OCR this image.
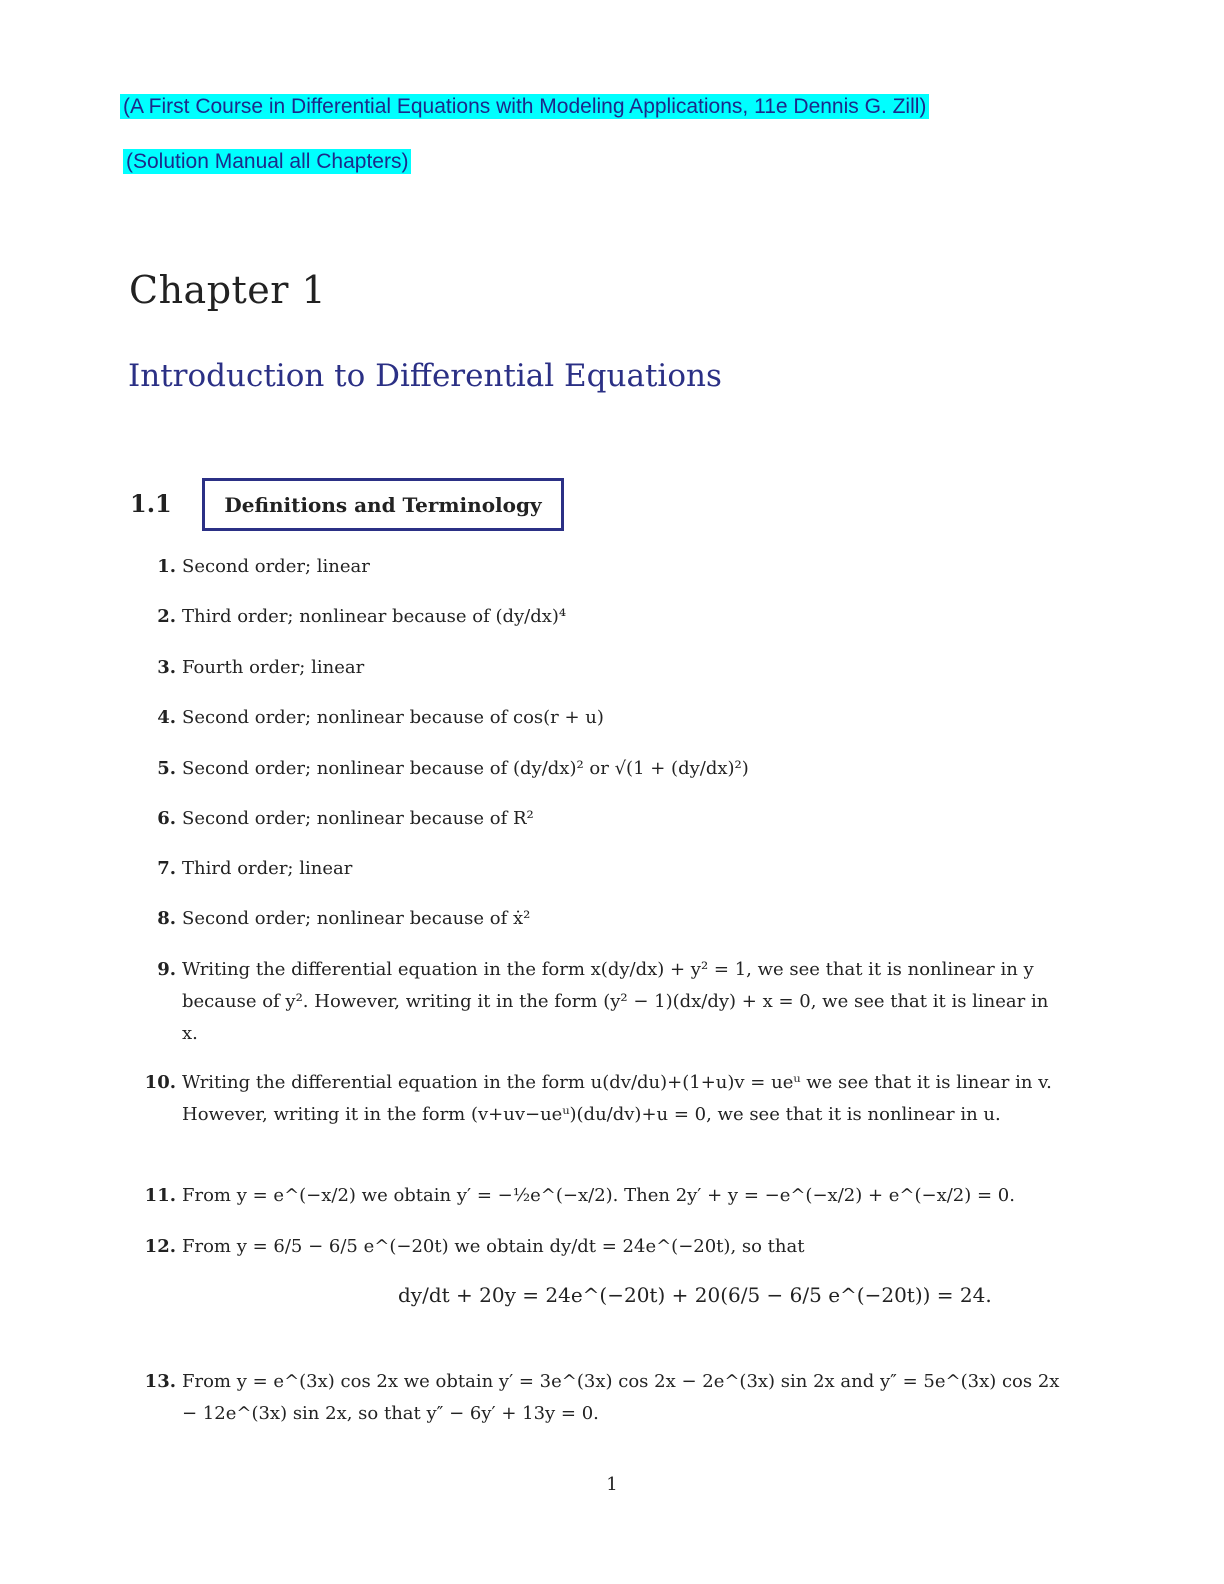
(A First Course in Differential Equations with Modeling Applications, 11e Dennis G. Zill)
(Solution Manual all Chapters)
Chapter 1
Introduction to Differential Equations
1.1	Definitions and Terminology
1. Second order; linear
2. Third order; nonlinear because of (dy/dx)⁴
3. Fourth order; linear
4. Second order; nonlinear because of cos(r + u)
5. Second order; nonlinear because of (dy/dx)² or √(1 + (dy/dx)²)
6. Second order; nonlinear because of R²
7. Third order; linear
8. Second order; nonlinear because of ẋ²
9. Writing the differential equation in the form x(dy/dx) + y² = 1, we see that it is nonlinear in y because of y². However, writing it in the form (y² − 1)(dx/dy) + x = 0, we see that it is linear in x.
10. Writing the differential equation in the form u(dv/du)+(1+u)v = ueᵘ we see that it is linear in v. However, writing it in the form (v+uv−ueᵘ)(du/dv)+u = 0, we see that it is nonlinear in u.
11. From y = e^(−x/2) we obtain y′ = −½e^(−x/2). Then 2y′ + y = −e^(−x/2) + e^(−x/2) = 0.
12. From y = 6/5 − 6/5 e^(−20t) we obtain dy/dt = 24e^(−20t), so that
dy/dt + 20y = 24e^(−20t) + 20(6/5 − 6/5 e^(−20t)) = 24.
13. From y = e^(3x) cos 2x we obtain y′ = 3e^(3x) cos 2x − 2e^(3x) sin 2x and y″ = 5e^(3x) cos 2x − 12e^(3x) sin 2x, so that y″ − 6y′ + 13y = 0.
1
